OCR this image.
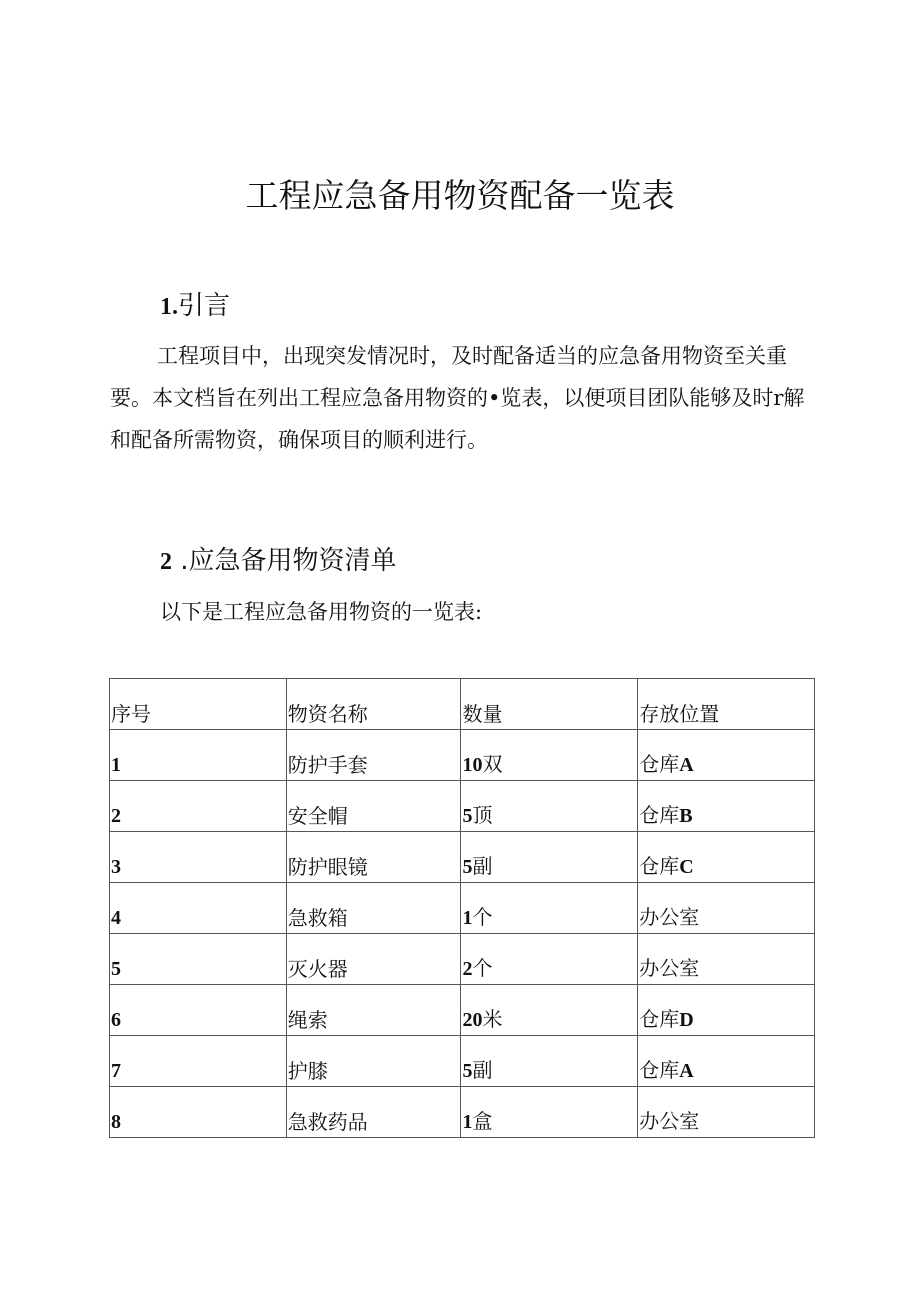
工程应急备用物资配备一览表
1.引言

工程项目中，出现突发情况时，及时配备适当的应急备用物资至关重要。本文档旨在列出工程应急备用物资的•览表，以便项目团队能够及时r解和配备所需物资，确保项目的顺利进行。

2 .应急备用物资清单

以下是工程应急备用物资的一览表:

序号	物资名称	数量	存放位置
1	防护手套	10双	仓库A
2	安全帽	5顶	仓库B
3	防护眼镜	5副	仓库C
4	急救箱	1个	办公室
5	灭火器	2个	办公室
6	绳索	20米	仓库D
7	护膝	5副	仓库A
8	急救药品	1盒	办公室
